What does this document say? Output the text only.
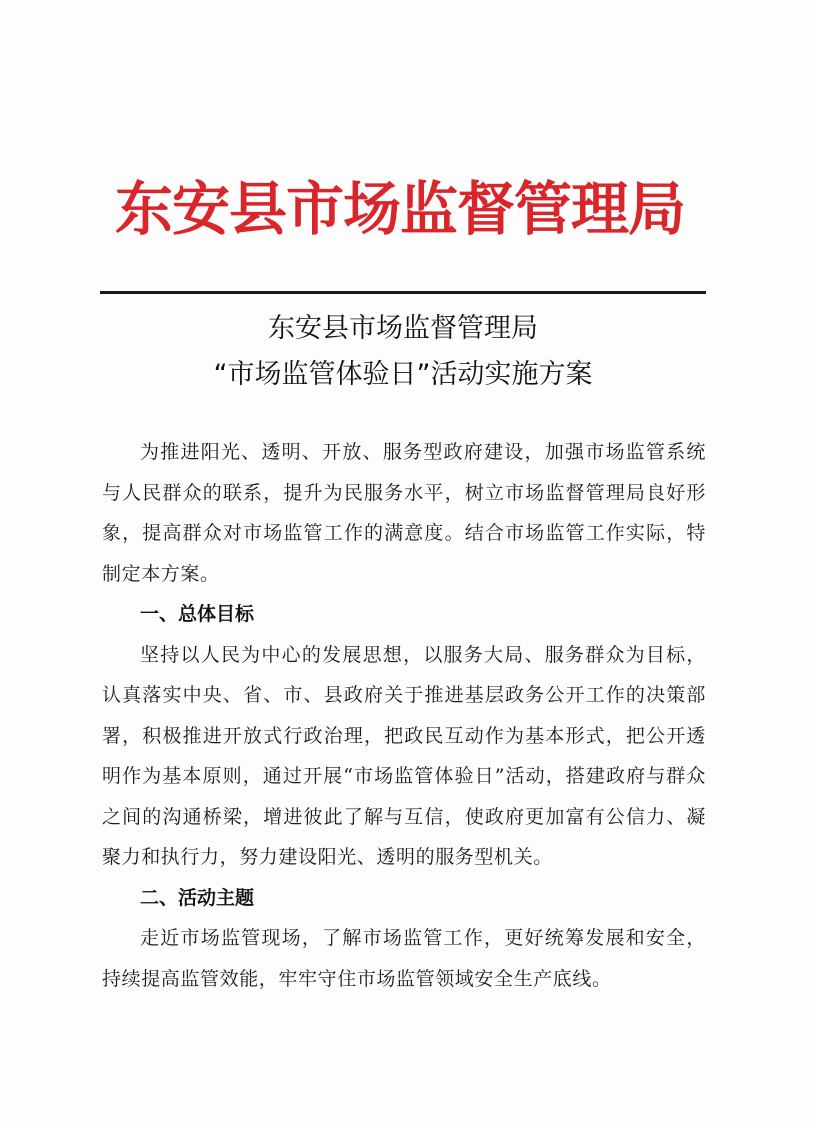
东安县市场监督管理局
东安县市场监督管理局
“市场监管体验日”活动实施方案

为推进阳光、透明、开放、服务型政府建设，加强市场监管系统与人民群众的联系，提升为民服务水平，树立市场监督管理局良好形象，提高群众对市场监管工作的满意度。结合市场监管工作实际，特制定本方案。

一、总体目标

坚持以人民为中心的发展思想，以服务大局、服务群众为目标，认真落实中央、省、市、县政府关于推进基层政务公开工作的决策部署，积极推进开放式行政治理，把政民互动作为基本形式，把公开透明作为基本原则，通过开展“市场监管体验日”活动，搭建政府与群众之间的沟通桥梁，增进彼此了解与互信，使政府更加富有公信力、凝聚力和执行力，努力建设阳光、透明的服务型机关。

二、活动主题

走近市场监管现场，了解市场监管工作，更好统筹发展和安全，持续提高监管效能，牢牢守住市场监管领域安全生产底线。
